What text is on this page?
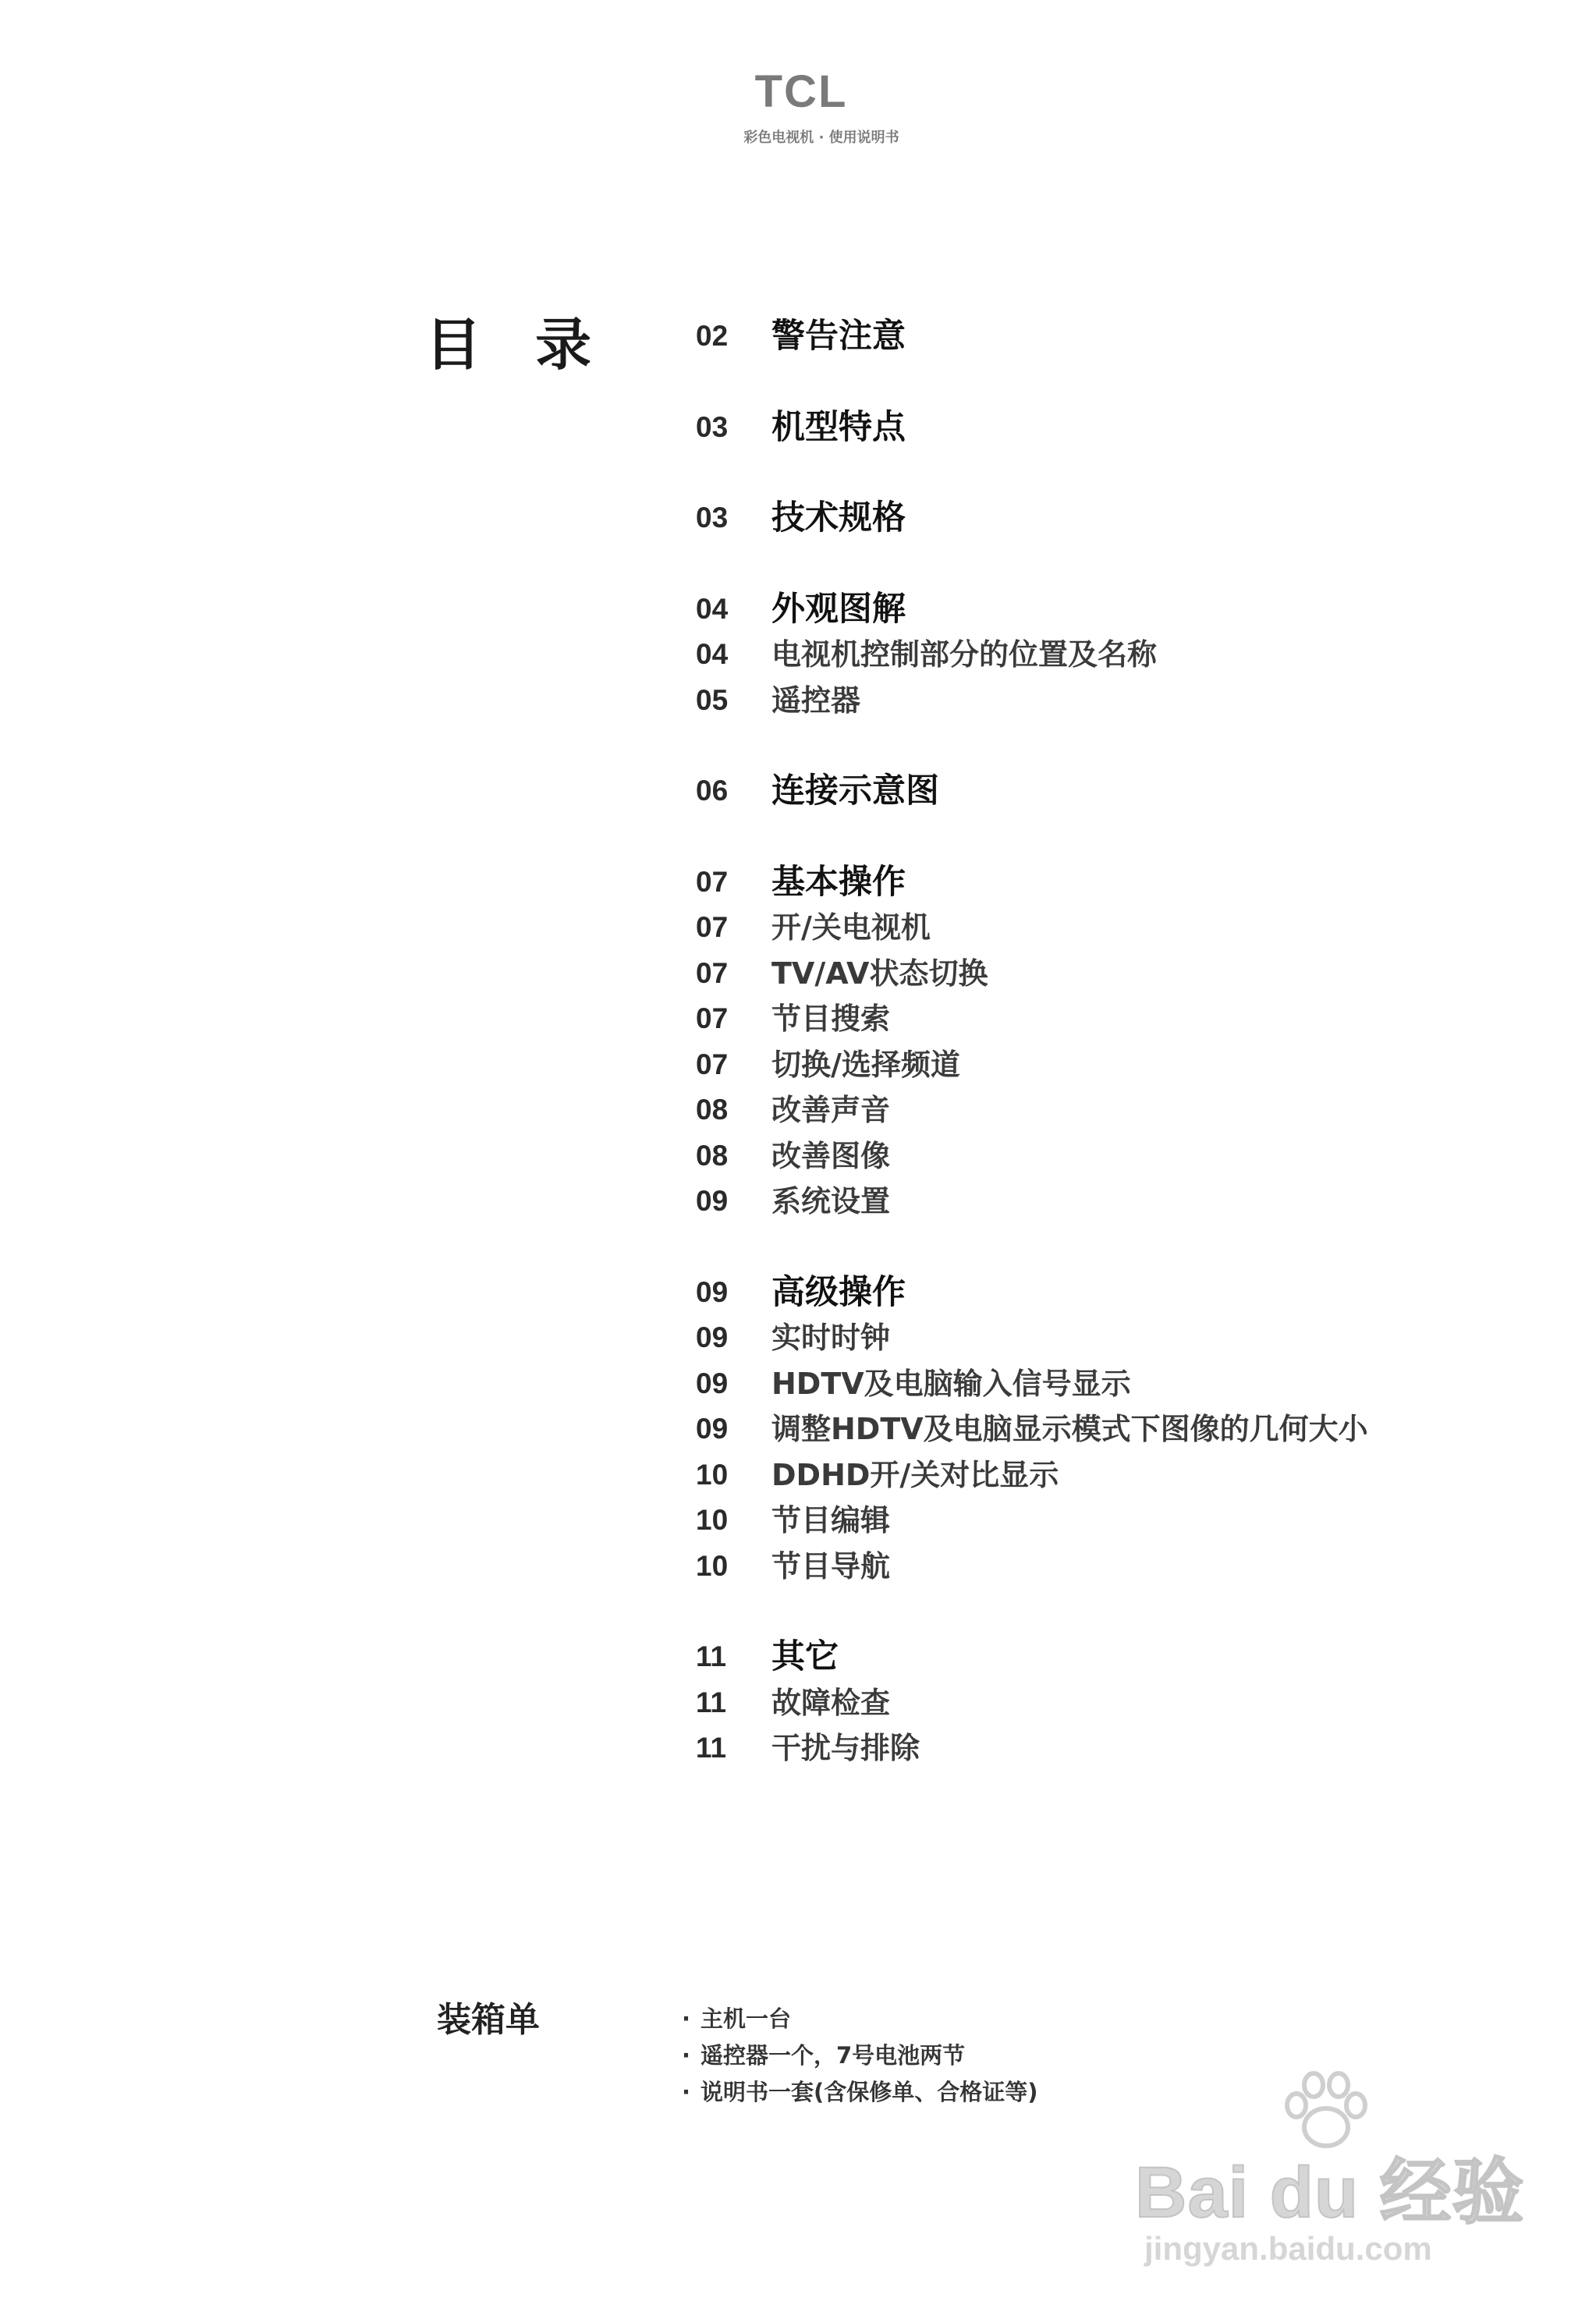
TCL
彩色电视机 · 使用说明书
目 录	02	警告注意
03	机型特点
03	技术规格
04	外观图解
04	电视机控制部分的位置及名称
05	遥控器
06	连接示意图
07	基本操作
07	开/关电视机
07	TV/AV状态切换
07	节目搜索
07	切换/选择频道
08	改善声音
08	改善图像
09	系统设置
09	高级操作
09	实时时钟
09	HDTV及电脑输入信号显示
09	调整HDTV及电脑显示模式下图像的几何大小
10	DDHD开/关对比显示
10	节目编辑
10	节目导航
11	其它
11	故障检查
11	干扰与排除
装箱单	· 主机一台
· 遥控器一个，7号电池两节
· 说明书一套(含保修单、合格证等)
Bai du 经验
jingyan.baidu.com
